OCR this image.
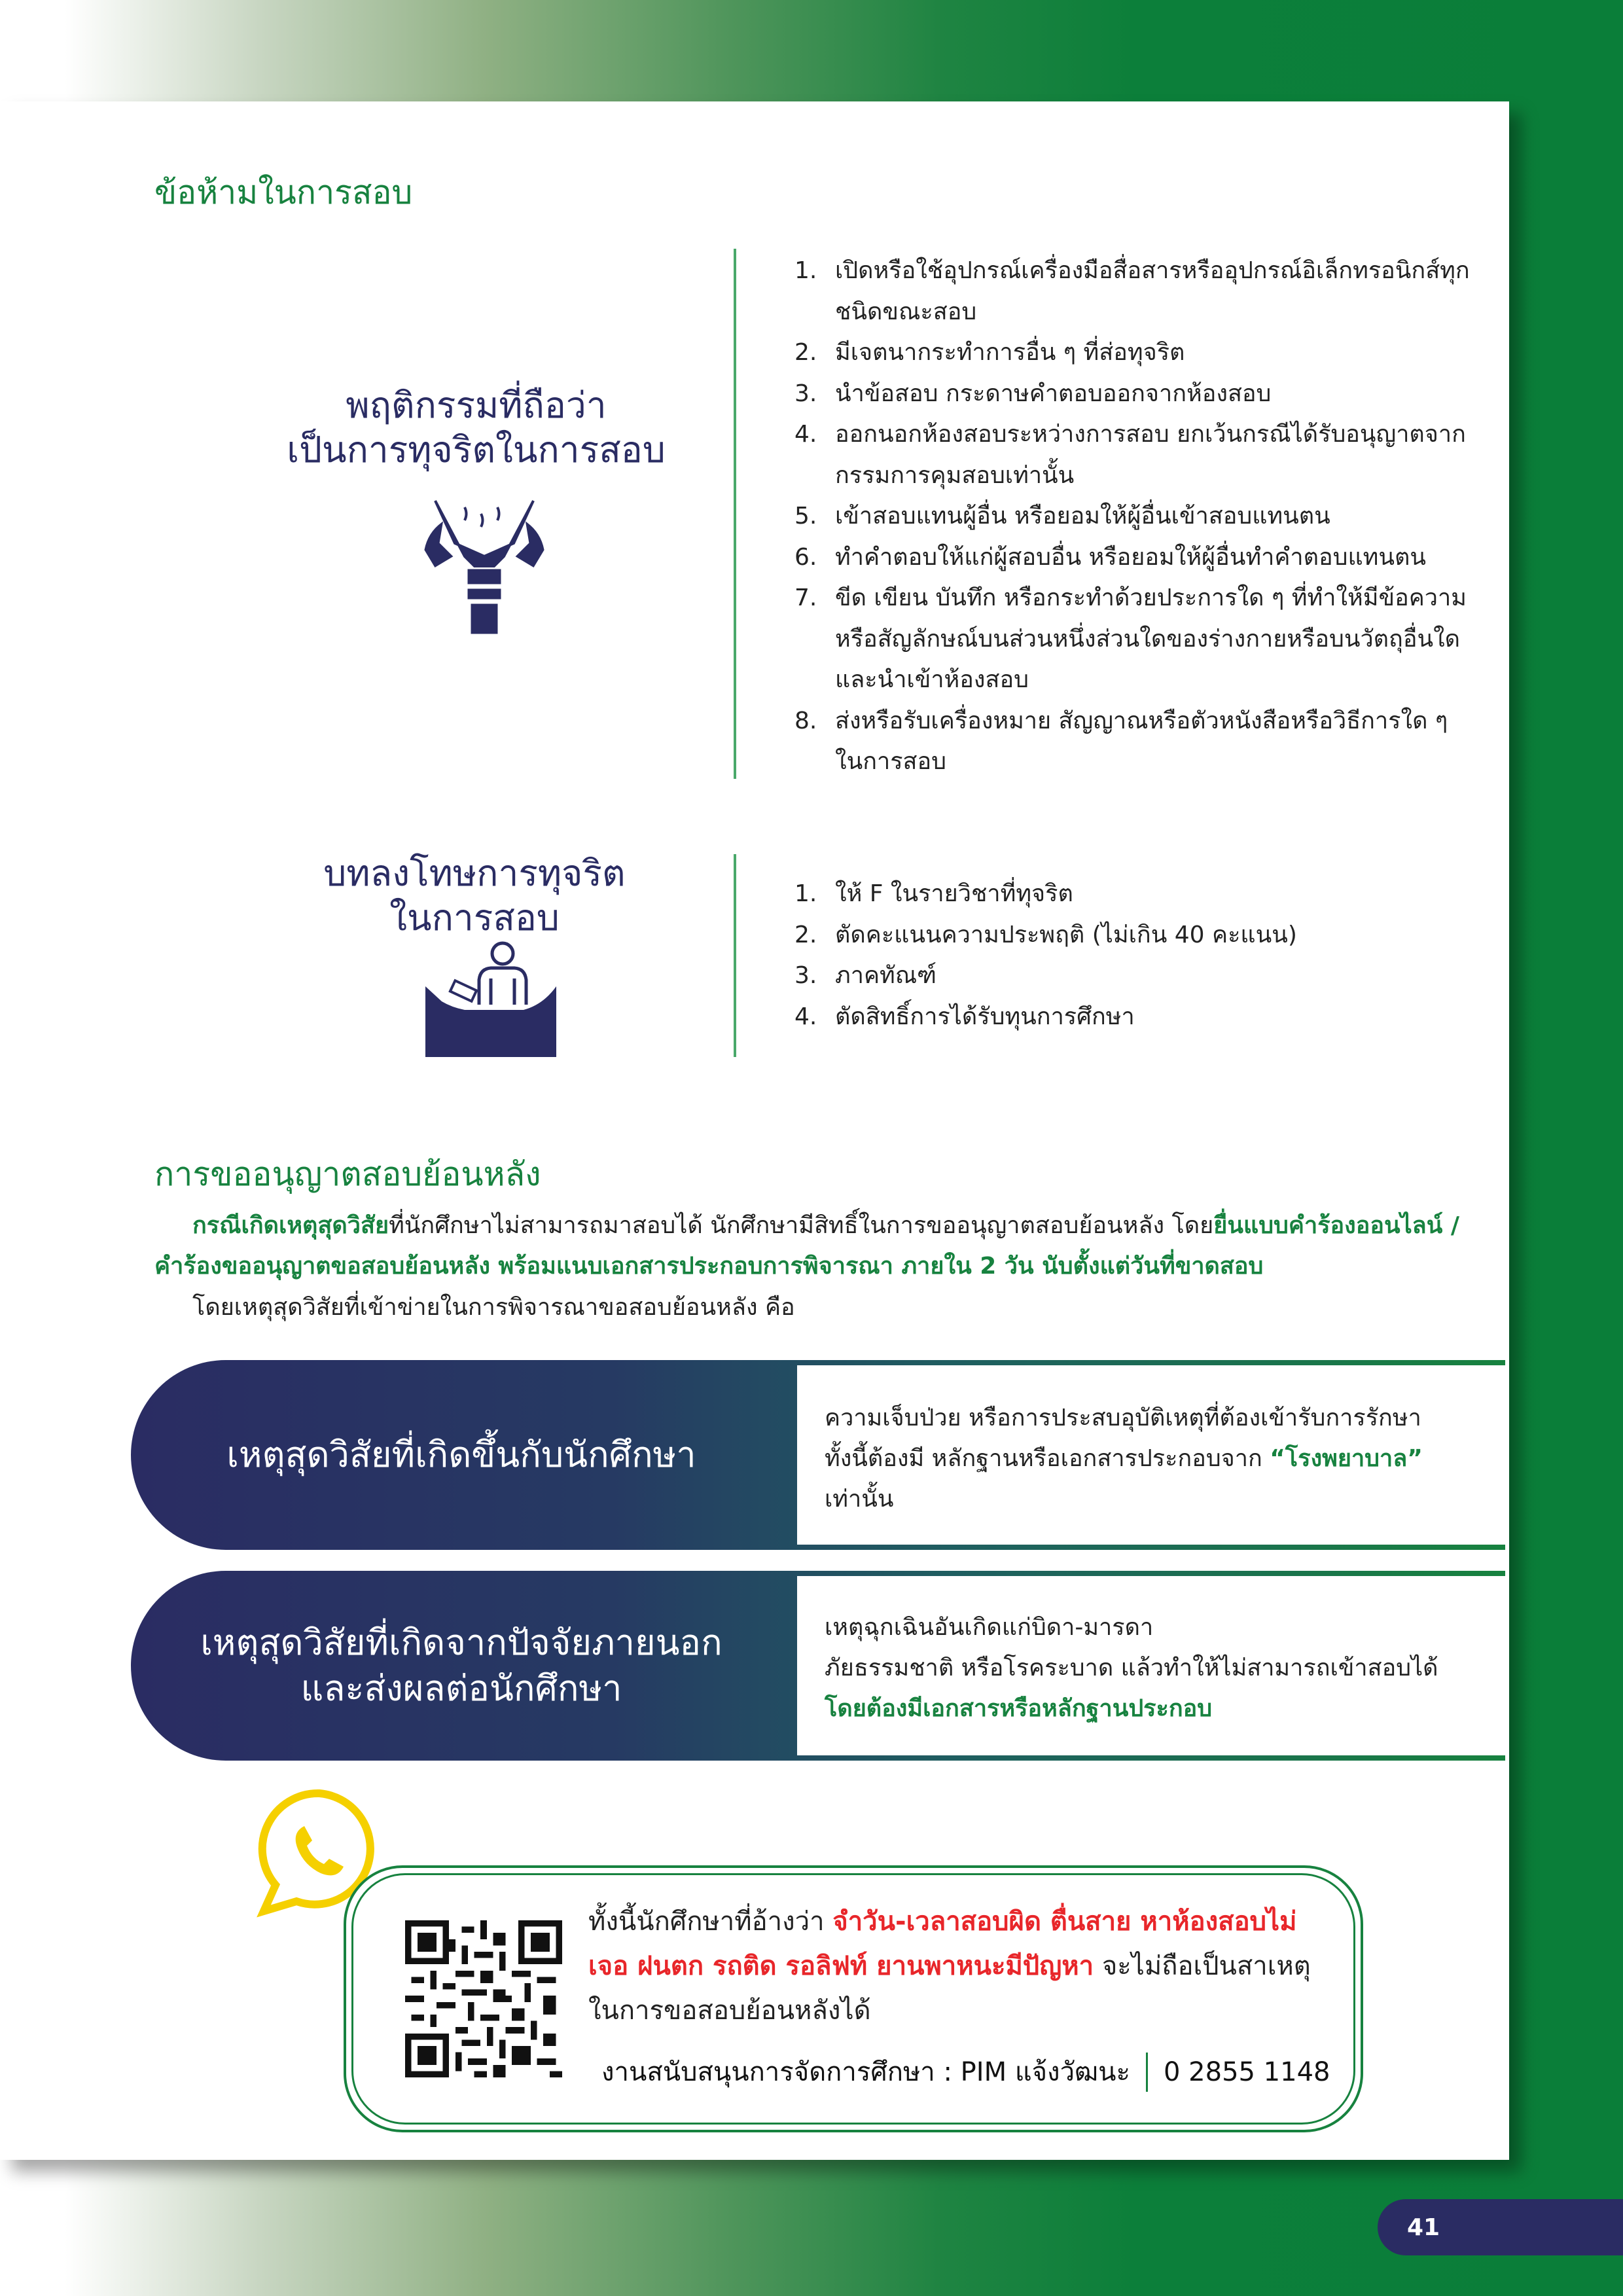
ข้อห้ามในการสอบ
พฤติกรรมที่ถือว่า
เป็นการทุจริตในการสอบ
1. เปิดหรือใช้อุปกรณ์เครื่องมือสื่อสารหรืออุปกรณ์อิเล็กทรอนิกส์ทุกชนิดขณะสอบ
2. มีเจตนากระทำการอื่น ๆ ที่ส่อทุจริต
3. นำข้อสอบ กระดาษคำตอบออกจากห้องสอบ
4. ออกนอกห้องสอบระหว่างการสอบ ยกเว้นกรณีได้รับอนุญาตจากกรรมการคุมสอบเท่านั้น
5. เข้าสอบแทนผู้อื่น หรือยอมให้ผู้อื่นเข้าสอบแทนตน
6. ทำคำตอบให้แก่ผู้สอบอื่น หรือยอมให้ผู้อื่นทำคำตอบแทนตน
7. ขีด เขียน บันทึก หรือกระทำด้วยประการใด ๆ ที่ทำให้มีข้อความหรือสัญลักษณ์บนส่วนหนึ่งส่วนใดของร่างกายหรือบนวัตถุอื่นใดและนำเข้าห้องสอบ
8. ส่งหรือรับเครื่องหมาย สัญญาณหรือตัวหนังสือหรือวิธีการใด ๆ ในการสอบ
บทลงโทษการทุจริต
ในการสอบ
1. ให้ F ในรายวิชาที่ทุจริต
2. ตัดคะแนนความประพฤติ (ไม่เกิน 40 คะแนน)
3. ภาคทัณฑ์
4. ตัดสิทธิ์การได้รับทุนการศึกษา
การขออนุญาตสอบย้อนหลัง

กรณีเกิดเหตุสุดวิสัยที่นักศึกษาไม่สามารถมาสอบได้ นักศึกษามีสิทธิ์ในการขออนุญาตสอบย้อนหลัง โดยยื่นแบบคำร้องออนไลน์ / คำร้องขออนุญาตขอสอบย้อนหลัง พร้อมแนบเอกสารประกอบการพิจารณา ภายใน 2 วัน นับตั้งแต่วันที่ขาดสอบ

โดยเหตุสุดวิสัยที่เข้าข่ายในการพิจารณาขอสอบย้อนหลัง คือ

เหตุสุดวิสัยที่เกิดขึ้นกับนักศึกษา
ความเจ็บป่วย หรือการประสบอุบัติเหตุที่ต้องเข้ารับการรักษา
ทั้งนี้ต้องมี หลักฐานหรือเอกสารประกอบจาก “โรงพยาบาล”
เท่านั้น
เหตุสุดวิสัยที่เกิดจากปัจจัยภายนอก
และส่งผลต่อนักศึกษา
เหตุฉุกเฉินอันเกิดแก่บิดา-มารดา
ภัยธรรมชาติ หรือโรคระบาด แล้วทำให้ไม่สามารถเข้าสอบได้
โดยต้องมีเอกสารหรือหลักฐานประกอบ
ทั้งนี้นักศึกษาที่อ้างว่า จำวัน-เวลาสอบผิด ตื่นสาย หาห้องสอบไม่เจอ ฝนตก รถติด รอลิฟท์ ยานพาหนะมีปัญหา จะไม่ถือเป็นสาเหตุในการขอสอบย้อนหลังได้
งานสนับสนุนการจัดการศึกษา : PIM แจ้งวัฒนะ 0 2855 1148
41
